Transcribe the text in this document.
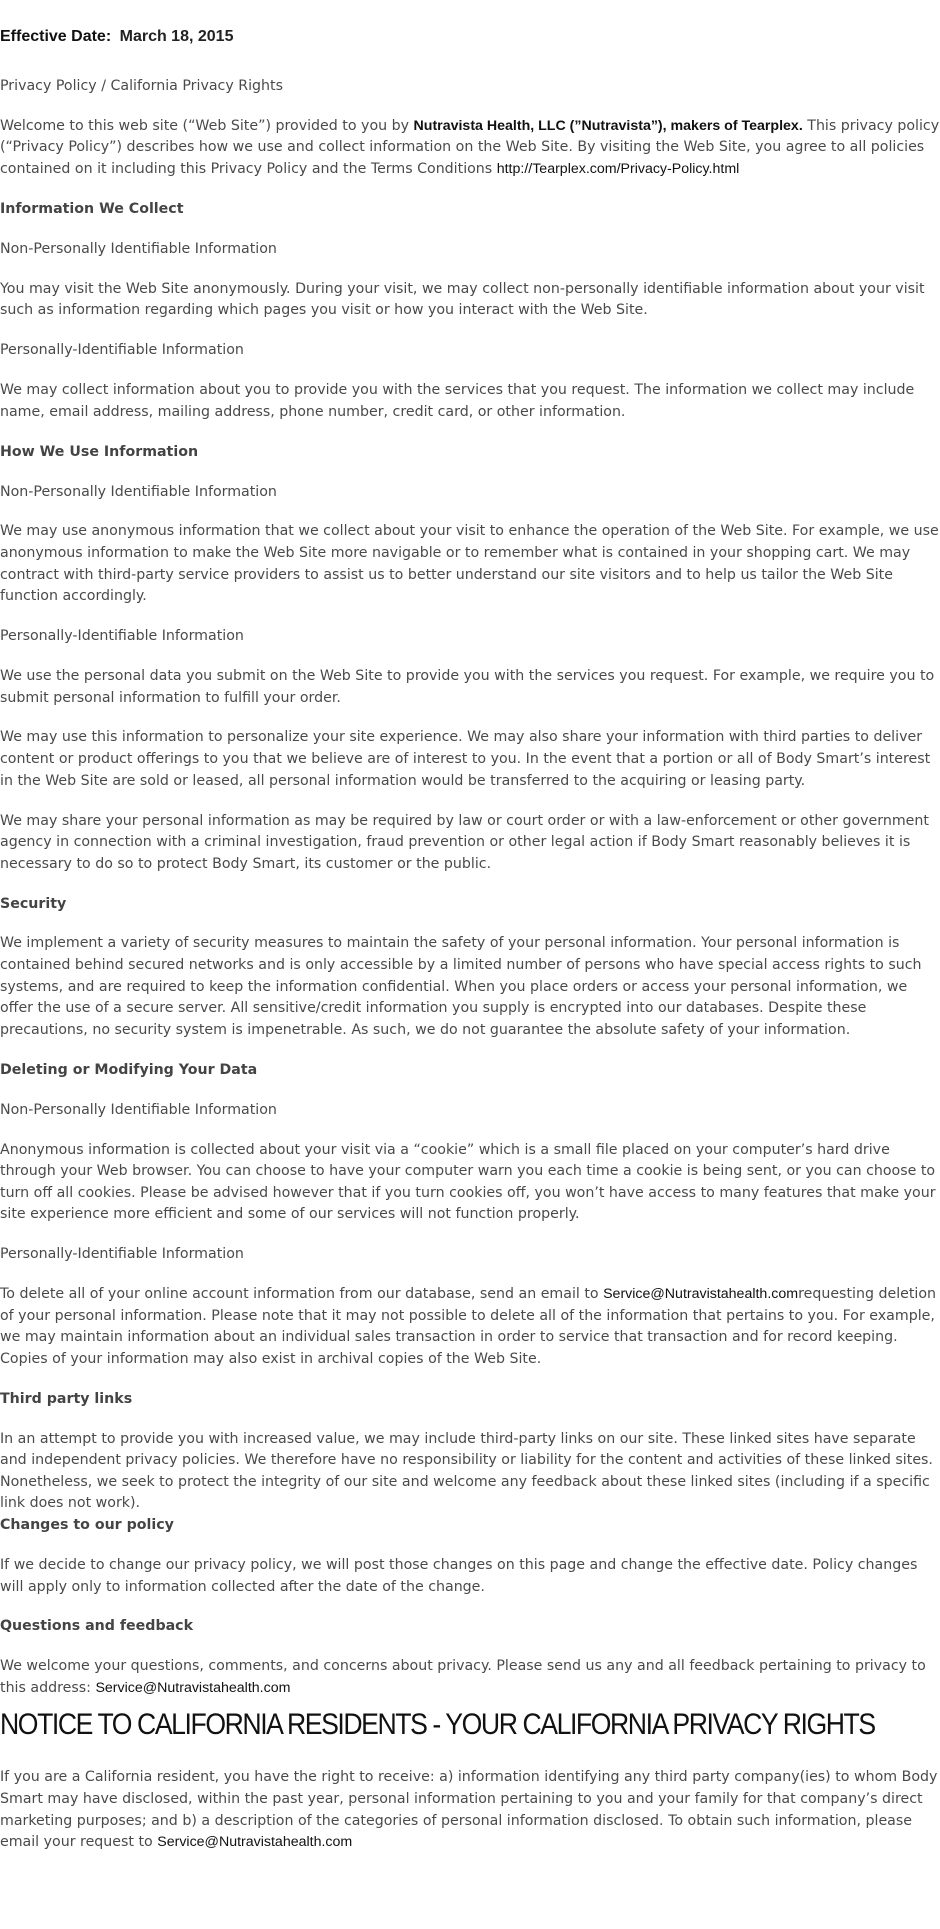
Effective Date: March 18, 2015

Privacy Policy / California Privacy Rights

Welcome to this web site (“Web Site”) provided to you by Nutravista Health, LLC (”Nutravista”), makers of Tearplex. This privacy policy (“Privacy Policy”) describes how we use and collect information on the Web Site. By visiting the Web Site, you agree to all policies contained on it including this Privacy Policy and the Terms Conditions http://Tearplex.com/Privacy-Policy.html

Information We Collect

Non-Personally Identifiable Information

You may visit the Web Site anonymously. During your visit, we may collect non-personally identifiable information about your visit such as information regarding which pages you visit or how you interact with the Web Site.

Personally-Identifiable Information

We may collect information about you to provide you with the services that you request. The information we collect may include name, email address, mailing address, phone number, credit card, or other information.

How We Use Information

Non-Personally Identifiable Information

We may use anonymous information that we collect about your visit to enhance the operation of the Web Site. For example, we use anonymous information to make the Web Site more navigable or to remember what is contained in your shopping cart. We may contract with third-party service providers to assist us to better understand our site visitors and to help us tailor the Web Site function accordingly.

Personally-Identifiable Information

We use the personal data you submit on the Web Site to provide you with the services you request. For example, we require you to submit personal information to fulfill your order.

We may use this information to personalize your site experience. We may also share your information with third parties to deliver content or product offerings to you that we believe are of interest to you. In the event that a portion or all of Body Smart’s interest in the Web Site are sold or leased, all personal information would be transferred to the acquiring or leasing party.

We may share your personal information as may be required by law or court order or with a law-enforcement or other government agency in connection with a criminal investigation, fraud prevention or other legal action if Body Smart reasonably believes it is necessary to do so to protect Body Smart, its customer or the public.

Security

We implement a variety of security measures to maintain the safety of your personal information. Your personal information is contained behind secured networks and is only accessible by a limited number of persons who have special access rights to such systems, and are required to keep the information confidential. When you place orders or access your personal information, we offer the use of a secure server. All sensitive/credit information you supply is encrypted into our databases. Despite these precautions, no security system is impenetrable. As such, we do not guarantee the absolute safety of your information.

Deleting or Modifying Your Data

Non-Personally Identifiable Information

Anonymous information is collected about your visit via a “cookie” which is a small file placed on your computer’s hard drive through your Web browser. You can choose to have your computer warn you each time a cookie is being sent, or you can choose to turn off all cookies. Please be advised however that if you turn cookies off, you won’t have access to many features that make your site experience more efficient and some of our services will not function properly.

Personally-Identifiable Information

To delete all of your online account information from our database, send an email to Service@Nutravistahealth.comrequesting deletion of your personal information. Please note that it may not possible to delete all of the information that pertains to you. For example, we may maintain information about an individual sales transaction in order to service that transaction and for record keeping. Copies of your information may also exist in archival copies of the Web Site.

Third party links

In an attempt to provide you with increased value, we may include third-party links on our site. These linked sites have separate and independent privacy policies. We therefore have no responsibility or liability for the content and activities of these linked sites. Nonetheless, we seek to protect the integrity of our site and welcome any feedback about these linked sites (including if a specific link does not work).

Changes to our policy

If we decide to change our privacy policy, we will post those changes on this page and change the effective date. Policy changes will apply only to information collected after the date of the change.

Questions and feedback

We welcome your questions, comments, and concerns about privacy. Please send us any and all feedback pertaining to privacy to this address: Service@Nutravistahealth.com

NOTICE TO CALIFORNIA RESIDENTS - YOUR CALIFORNIA PRIVACY RIGHTS

If you are a California resident, you have the right to receive: a) information identifying any third party company(ies) to whom Body Smart may have disclosed, within the past year, personal information pertaining to you and your family for that company’s direct marketing purposes; and b) a description of the categories of personal information disclosed. To obtain such information, please email your request to Service@Nutravistahealth.com
